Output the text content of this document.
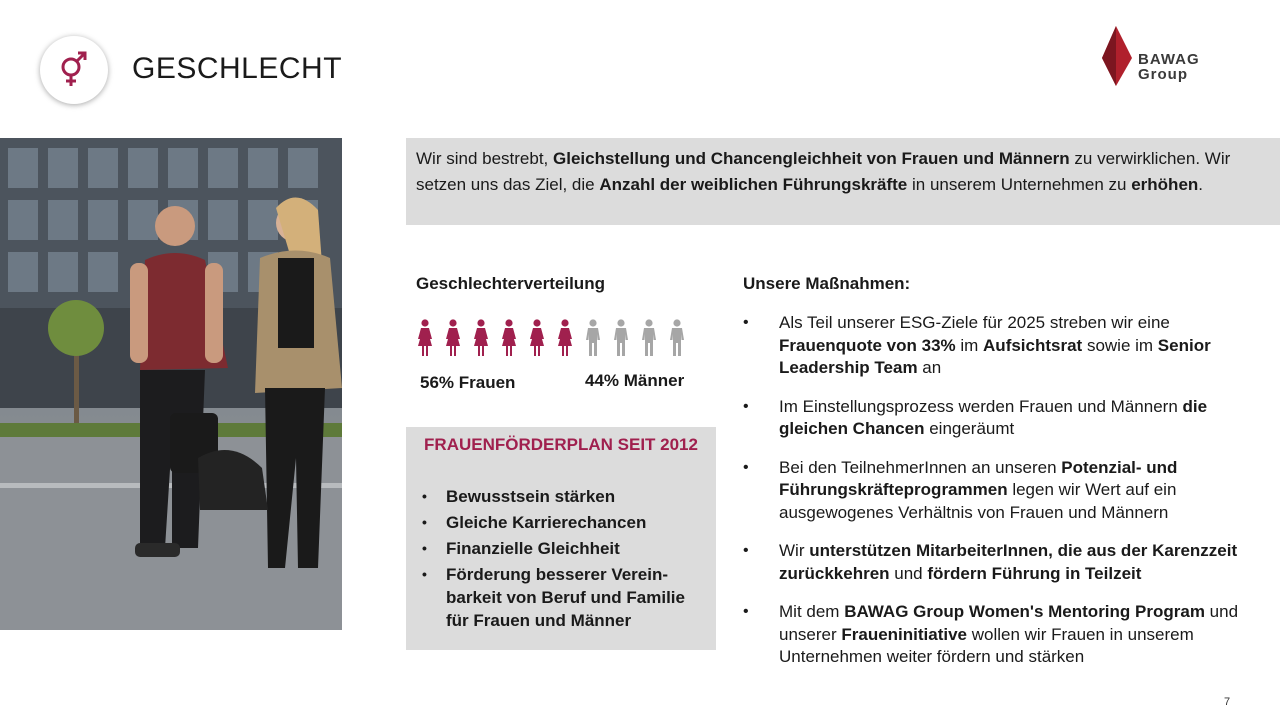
GESCHLECHT	BAWAG
Group
Wir sind bestrebt, Gleichstellung und Chancengleichheit von Frauen und Männern zu verwirklichen. Wir setzen uns das Ziel, die Anzahl der weiblichen Führungskräfte in unserem Unternehmen zu erhöhen.
Geschlechterverteilung
56% Frauen	44% Männer
FRAUENFÖRDERPLAN SEIT 2012
• Bewusstsein stärken
• Gleiche Karrierechancen
• Finanzielle Gleichheit
• Förderung besserer Verein-barkeit von Beruf und Familie für Frauen und Männer
Unsere Maßnahmen:
• Als Teil unserer ESG-Ziele für 2025 streben wir eine Frauenquote von 33% im Aufsichtsrat sowie im Senior Leadership Team an
• Im Einstellungsprozess werden Frauen und Männern die gleichen Chancen eingeräumt
• Bei den TeilnehmerInnen an unseren Potenzial- und Führungskräfteprogrammen legen wir Wert auf ein ausgewogenes Verhältnis von Frauen und Männern
• Wir unterstützen MitarbeiterInnen, die aus der Karenzzeit zurückkehren und fördern Führung in Teilzeit
• Mit dem BAWAG Group Women's Mentoring Program und unserer Fraueninitiative wollen wir Frauen in unserem Unternehmen weiter fördern und stärken
7
